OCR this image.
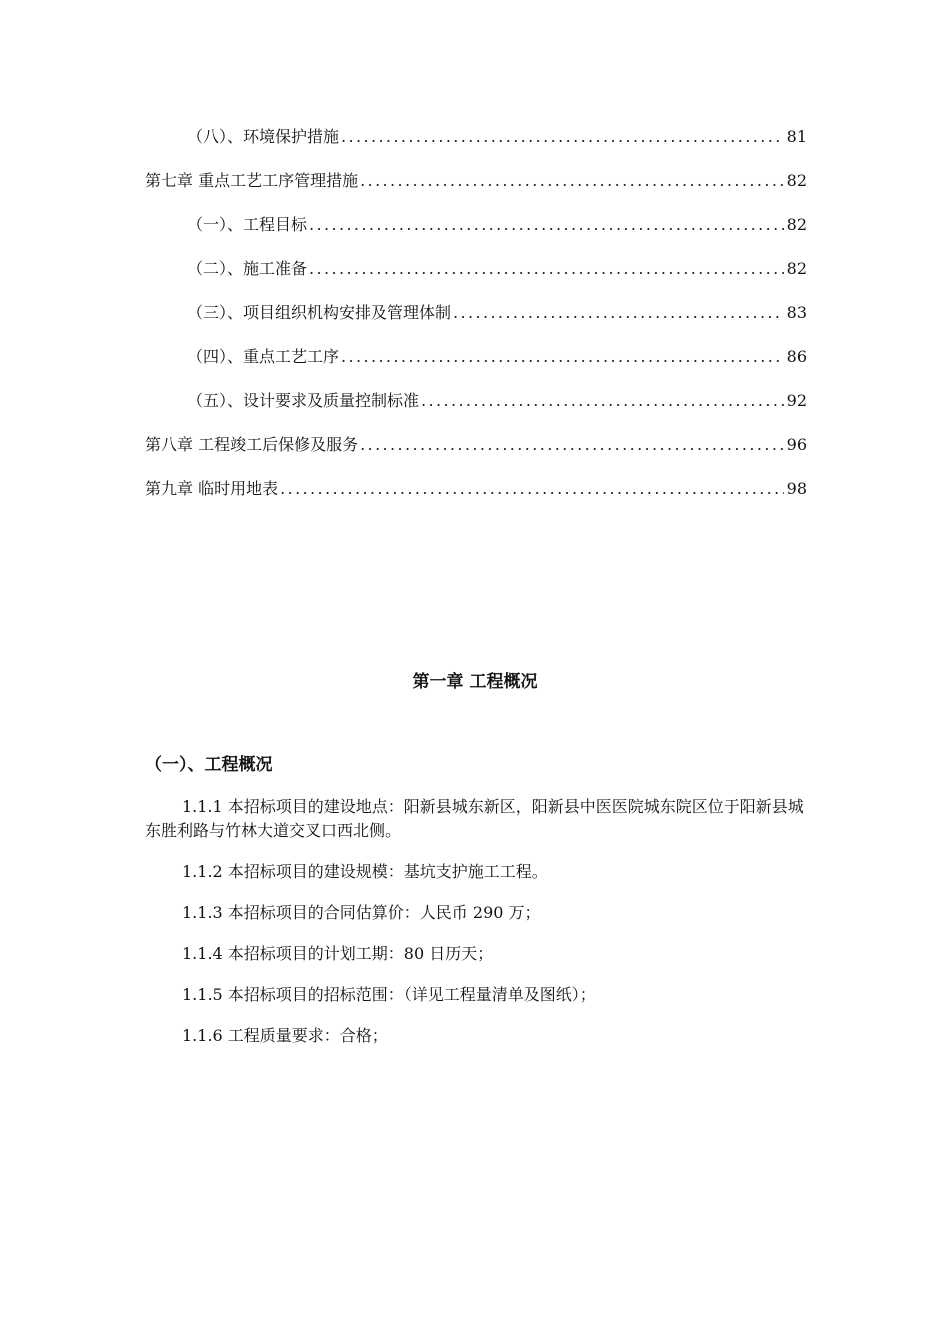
（八）、环境保护措施 .....	81
第七章 重点工艺工序管理措施 .....	82
（一）、工程目标 .....	82
（二）、施工准备 .....	82
（三）、项目组织机构安排及管理体制 .....	83
（四）、重点工艺工序 .....	86
（五）、设计要求及质量控制标准 .....	92
第八章 工程竣工后保修及服务 .....	96
第九章 临时用地表 .....	98
第一章 工程概况
（一）、工程概况

1.1.1 本招标项目的建设地点：阳新县城东新区，阳新县中医医院城东院区位于阳新县城东胜利路与竹林大道交叉口西北侧。

1.1.2 本招标项目的建设规模：基坑支护施工工程。

1.1.3 本招标项目的合同估算价：人民币 290 万；

1.1.4 本招标项目的计划工期：80 日历天；

1.1.5 本招标项目的招标范围：（详见工程量清单及图纸）；

1.1.6 工程质量要求：合格；
